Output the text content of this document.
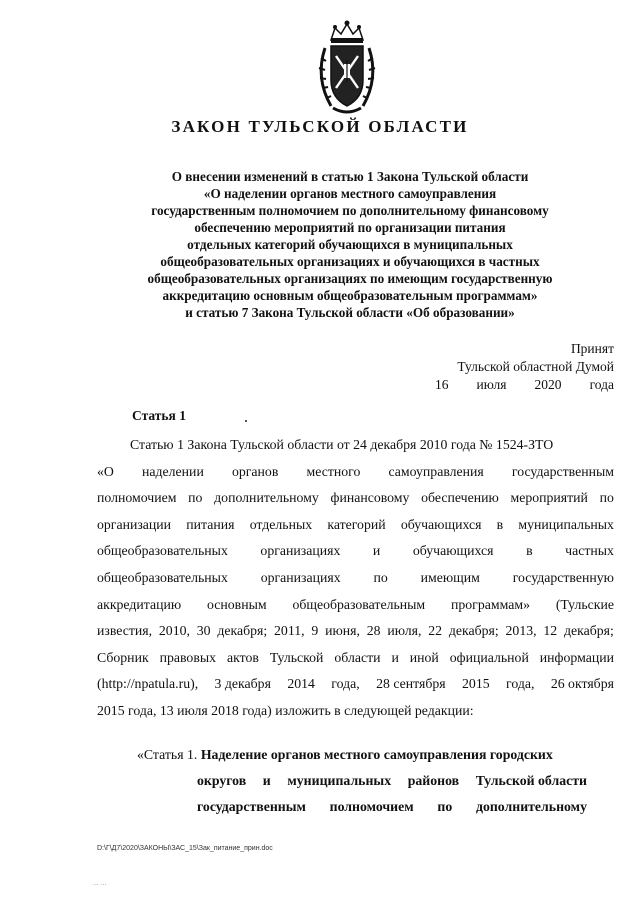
ЗАКОН ТУЛЬСКОЙ ОБЛАСТИ
О внесении изменений в статью 1 Закона Тульской области
«О наделении органов местного самоуправления
государственным полномочием по дополнительному финансовому
обеспечению мероприятий по организации питания
отдельных категорий обучающихся в муниципальных
общеобразовательных организациях и обучающихся в частных
общеобразовательных организациях по имеющим государственную
аккредитацию основным общеобразовательным программам»
и статью 7 Закона Тульской области «Об образовании»
Принят
Тульской областной Думой
16 июля 2020 года
Статья 1
Статью 1 Закона Тульской области от 24 декабря 2010 года № 1524-ЗТО
«О наделении органов местного самоуправления государственным
полномочием по дополнительному финансовому обеспечению мероприятий по
организации питания отдельных категорий обучающихся в муниципальных
общеобразовательных организациях и обучающихся в частных
общеобразовательных организациях по имеющим государственную
аккредитацию основным общеобразовательным программам» (Тульские
известия, 2010, 30 декабря; 2011, 9 июня, 28 июля, 22 декабря; 2013, 12 декабря;
Сборник правовых актов Тульской области и иной официальной информации
(http://npatula.ru), 3 декабря 2014 года, 28 сентября 2015 года, 26 октября
2015 года, 13 июля 2018 года) изложить в следующей редакции:
«Статья 1. Наделение органов местного самоуправления городских
округов и муниципальных районов Тульской области
государственным полномочием по дополнительному
D:\Г\Д7\2020\ЗАКОНЫ\ЗАС_15\Зак_питание_прин.doc
... ...
